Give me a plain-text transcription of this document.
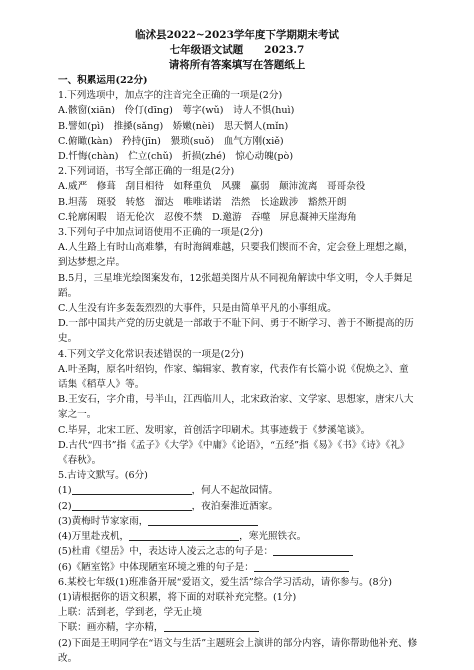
临沭县2022~2023学年度下学期期末考试
七年级语文试题　　2023.7
请将所有答案填写在答题纸上
一、积累运用(22分)
1.下列选项中，加点字的注音完全正确的一项是(2分)
A.骸窗(xiān)　伶仃(dīng)　萼字(wǔ)　诗人不惧(huì)
B.譬如(pì)　推搡(sǎng)　娇嫩(nèi)　思天惘人(mǐn)
C.俯瞰(kàn)　矜持(jīn)　猥琐(suǒ)　血气方刚(xiě)
D.忏悔(chàn)　伫立(chǔ)　折损(zhé)　惊心动魄(pò)
2.下列词语，书写全部正确的一组是(2分)
A.威严　修葺　刮目相待　如释重负　风骤　赢弱　颠沛流离　哥哥杂役
B.坦荡　斑驳　转悠　溜达　唯唯诺诺　浩然　长途跋涉　豁然开朗
C.轮廓闲暇　语无伦次　忍俊不禁　D.邀游　吞噬　屏息凝神天崖海角
3.下列句子中加点词语使用不正确的一项是(2分)
A.人生路上有时山高难攀，有时海阔难越，只要我们锲而不舍，定会登上理想之巅，到达梦想之岸。
B.5月，三星堆光绘图案发布，12张超美图片从不同视角解读中华文明，令人手舞足蹈。
C.人生没有许多轰轰烈烈的大事件，只是由简单平凡的小事组成。
D.一部中国共产党的历史就是一部敢于不耻下问、勇于不断学习、善于不断提高的历史。
4.下列文学文化常识表述错误的一项是(2分)
A.叶圣陶，原名叶绍钧，作家、编辑家、教育家，代表作有长篇小说《倪焕之》、童话集《稻草人》等。
B.王安石，字介甫，号半山，江西临川人，北宋政治家、文学家、思想家，唐宋八大家之一。
C.毕昇，北宋工匠、发明家，首创活字印刷术。其事迹载于《梦溪笔谈》。
D.古代“四书”指《孟子》《大学》《中庸》《论语》，“五经”指《易》《书》《诗》《礼》《春秋》。
5.古诗文默写。(6分)
(1)	，何人不起故园情。
(2)	，夜泊秦淮近酒家。
(3)黄梅时节家家雨，
(4)万里赴戎机，	，寒光照铁衣。
(5)杜甫《望岳》中，表达诗人凌云之志的句子是：
(6)《陋室铭》中体现陋室环境之雅的句子是：
6.某校七年级(1)班准备开展“爱语文，爱生活”综合学习活动，请你参与。(8分)
(1)请根据你的语文积累，将下面的对联补充完整。(1分)
上联：活到老，学到老，学无止境
下联：画亦精，字亦精，
(2)下面是王明同学在“语文与生活”主题班会上演讲的部分内容，请你帮助他补充、修改。
